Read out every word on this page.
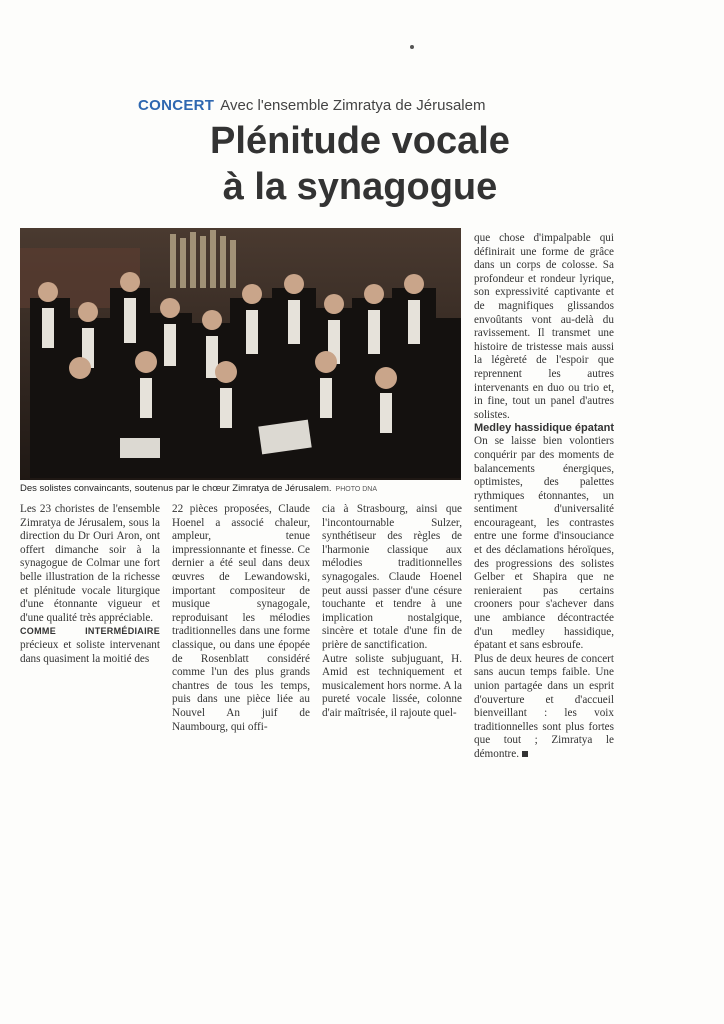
CONCERT Avec l'ensemble Zimratya de Jérusalem
Plénitude vocale
à la synagogue
Des solistes convaincants, soutenus par le chœur Zimratya de Jérusalem. PHOTO DNA

Les 23 choristes de l'ensemble Zimratya de Jérusalem, sous la direction du Dr Ouri Aron, ont offert dimanche soir à la synagogue de Colmar une fort belle illustration de la richesse et plénitude vocale liturgique d'une étonnante vigueur et d'une qualité très appréciable.

COMME INTERMÉDIAIRE précieux et soliste intervenant dans quasiment la moitié des

22 pièces proposées, Claude Hoenel a associé chaleur, ampleur, tenue impressionnante et finesse. Ce dernier a été seul dans deux œuvres de Lewandowski, important compositeur de musique synagogale, reproduisant les mélodies traditionnelles dans une forme classique, ou dans une épopée de Rosenblatt considéré comme l'un des plus grands chantres de tous les temps, puis dans une pièce liée au Nouvel An juif de Naumbourg, qui offi-

cia à Strasbourg, ainsi que l'incontournable Sulzer, synthétiseur des règles de l'harmonie classique aux mélodies traditionnelles synagogales. Claude Hoenel peut aussi passer d'une césure touchante et tendre à une implication nostalgique, sincère et totale d'une fin de prière de sanctification.

Autre soliste subjuguant, H. Amid est techniquement et musicalement hors norme. A la pureté vocale lissée, colonne d'air maîtrisée, il rajoute quel-

que chose d'impalpable qui définirait une forme de grâce dans un corps de colosse. Sa profondeur et rondeur lyrique, son expressivité captivante et de magnifiques glissandos envoûtants vont au-delà du ravissement. Il transmet une histoire de tristesse mais aussi la légèreté de l'espoir que reprennent les autres intervenants en duo ou trio et, in fine, tout un panel d'autres solistes.

Medley hassidique épatant

On se laisse bien volontiers conquérir par des moments de balancements énergiques, optimistes, des palettes rythmiques étonnantes, un sentiment d'universalité encourageant, les contrastes entre une forme d'insouciance et des déclamations héroïques, des progressions des solistes Gelber et Shapira que ne renieraient pas certains crooners pour s'achever dans une ambiance décontractée d'un medley hassidique, épatant et sans esbroufe.

Plus de deux heures de concert sans aucun temps faible. Une union partagée dans un esprit d'ouverture et d'accueil bienveillant : les voix traditionnelles sont plus fortes que tout ; Zimratya le démontre.
